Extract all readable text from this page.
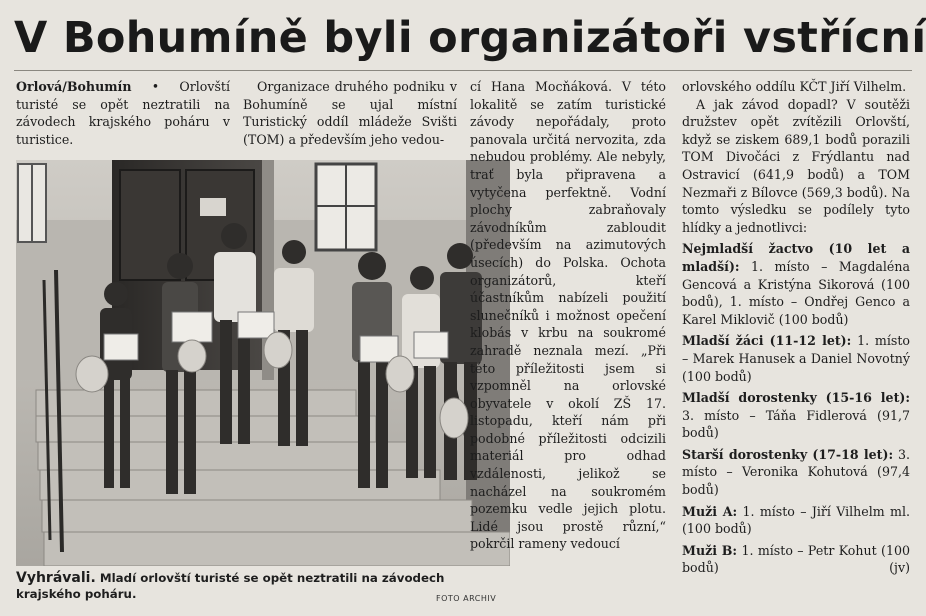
V Bohumíně byli organizátoři vstřícní

Orlová/Bohumín • Orlovští turisté se opět neztratili na závodech krajského poháru v turistice.

Organizace druhého podniku v Bohumíně se ujal místní Turistický oddíl mládeže Svišti (TOM) a především jeho vedou-

Vyhrávali. Mladí orlovští turisté se opět neztratili na závodech krajského poháru.	FOTO ARCHIV

cí Hana Mocňáková. V této lokalitě se zatím turistické závody nepořádaly, proto panovala určitá nervozita, zda nebudou problémy. Ale nebyly, trať byla připravena a vytyčena perfektně. Vodní plochy zabraňovaly závodníkům zabloudit (především na azimutových úsecích) do Polska. Ochota organizátorů, kteří účastníkům nabízeli použití slunečníků i možnost opečení klobás v krbu na soukromé zahradě neznala mezí. „Při této příležitosti jsem si vzpomněl na orlovské obyvatele v okolí ZŠ 17. listopadu, kteří nám při podobné příležitosti odcizili materiál pro odhad vzdálenosti, jelikož se nacházel na soukromém pozemku vedle jejich plotu. Lidé jsou prostě různí,“ pokrčil rameny vedoucí

orlovského oddílu KČT Jiří Vilhelm.

A jak závod dopadl? V soutěži družstev opět zvítězili Orlovští, když se ziskem 689,1 bodů porazili TOM Divočáci z Frýdlantu nad Ostravicí (641,9 bodů) a TOM Nezmaři z Bílovce (569,3 bodů). Na tomto výsledku se podílely tyto hlídky a jednotlivci:

Nejmladší žactvo (10 let a mladší): 1. místo – Magdaléna Gencová a Kristýna Sikorová (100 bodů), 1. místo – Ondřej Genco a Karel Miklovič (100 bodů)

Mladší žáci (11-12 let): 1. místo – Marek Hanusek a Daniel Novotný (100 bodů)

Mladší dorostenky (15-16 let): 3. místo – Táňa Fidlerová (91,7 bodů)

Starší dorostenky (17-18 let): 3. místo – Veronika Kohutová (97,4 bodů)

Muži A: 1. místo – Jiří Vilhelm ml. (100 bodů)

Muži B: 1. místo – Petr Kohut (100 bodů)	(jv)
